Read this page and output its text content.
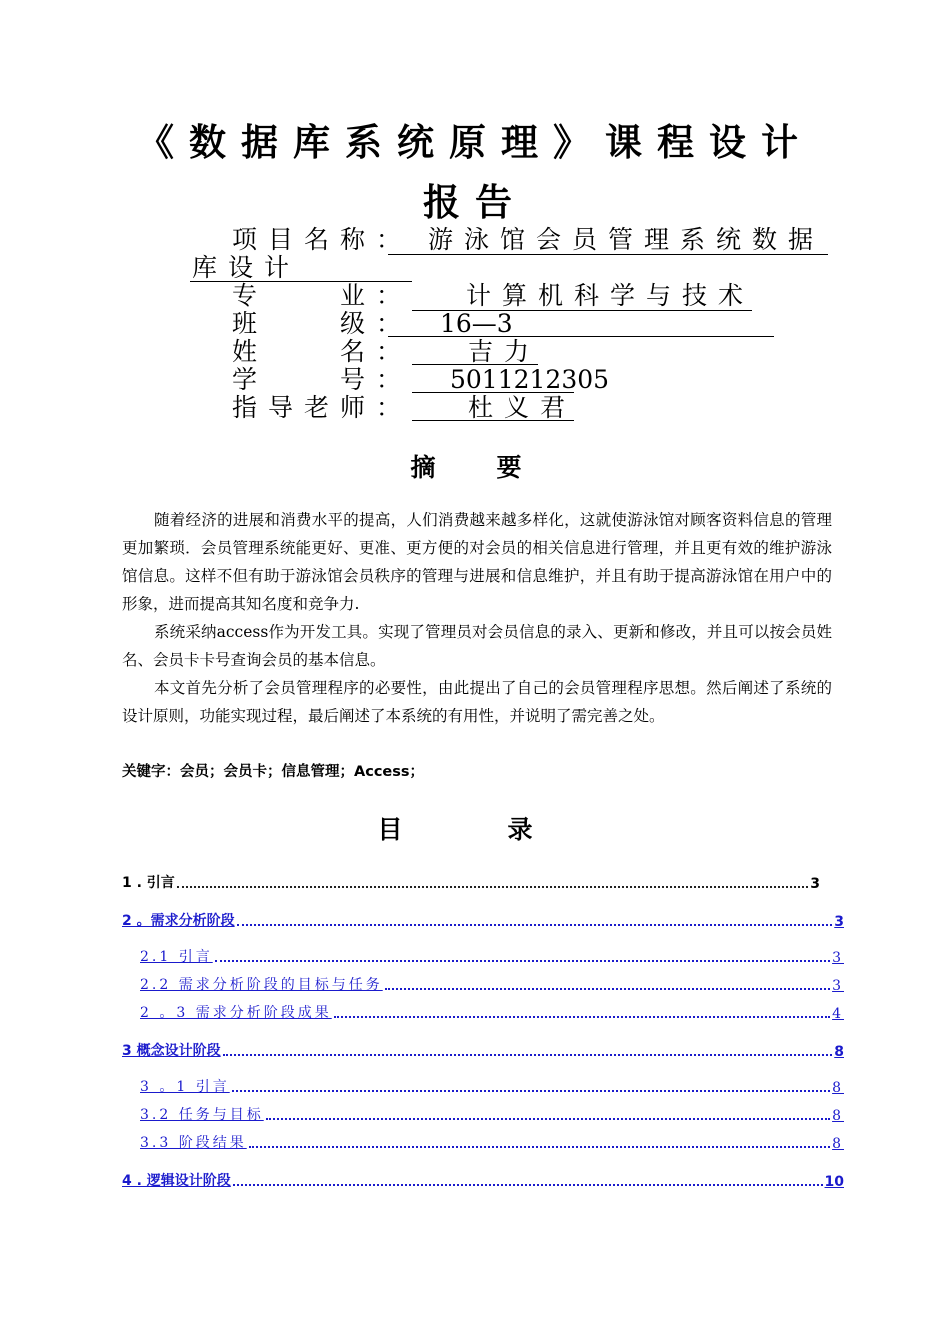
《数据库系统原理》课程设计
报告
项目名称： 游泳馆会员管理系统数据
库设计
专　　业： 计算机科学与技术
班　　级： 16—3
姓　　名： 吉力
学　　号： 5011212305
指导老师： 杜义君
摘　要
随着经济的进展和消费水平的提高，人们消费越来越多样化，这就使游泳馆对顾客资料信息的管理更加繁琐．会员管理系统能更好、更准、更方便的对会员的相关信息进行管理，并且更有效的维护游泳馆信息。这样不但有助于游泳馆会员秩序的管理与进展和信息维护，并且有助于提高游泳馆在用户中的形象，进而提高其知名度和竞争力.
系统采纳access作为开发工具。实现了管理员对会员信息的录入、更新和修改，并且可以按会员姓名、会员卡卡号查询会员的基本信息。
本文首先分析了会员管理程序的必要性，由此提出了自己的会员管理程序思想。然后阐述了系统的设计原则，功能实现过程，最后阐述了本系统的有用性，并说明了需完善之处。
关键字：会员；会员卡；信息管理；Access；
目　录
1 . 引言	3
2 。需求分析阶段	3
2.1 引言	3
2.2 需求分析阶段的目标与任务	3
2 。3 需求分析阶段成果	4
3 概念设计阶段	8
3 。1 引言	8
3.2 任务与目标	8
3.3 阶段结果	8
4 . 逻辑设计阶段	10
